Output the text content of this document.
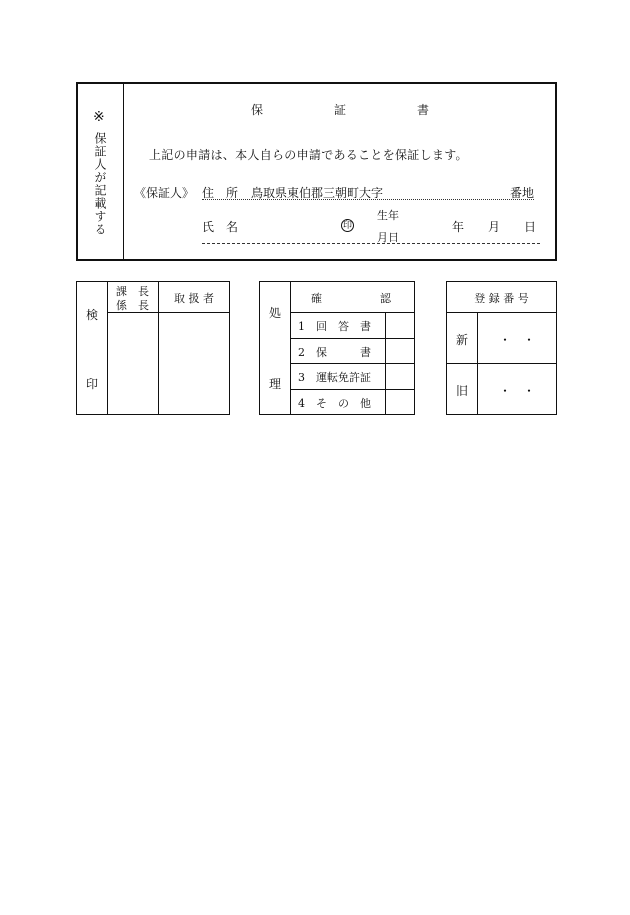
※
保証人が記載する
保	証	書
上記の申請は、本人自らの申請であることを保証します。
《保証人》 住 所 鳥取県東伯郡三朝町大字	番地
氏 名	印
生年
月日
年 月 日
検
印
課　長
係　長
取 扱 者
処
理
確	認
1　回　答　書
2　保　　　書
3　運転免許証
4　そ　の　他
登 録 番 号
新	・　・
旧	・　・
